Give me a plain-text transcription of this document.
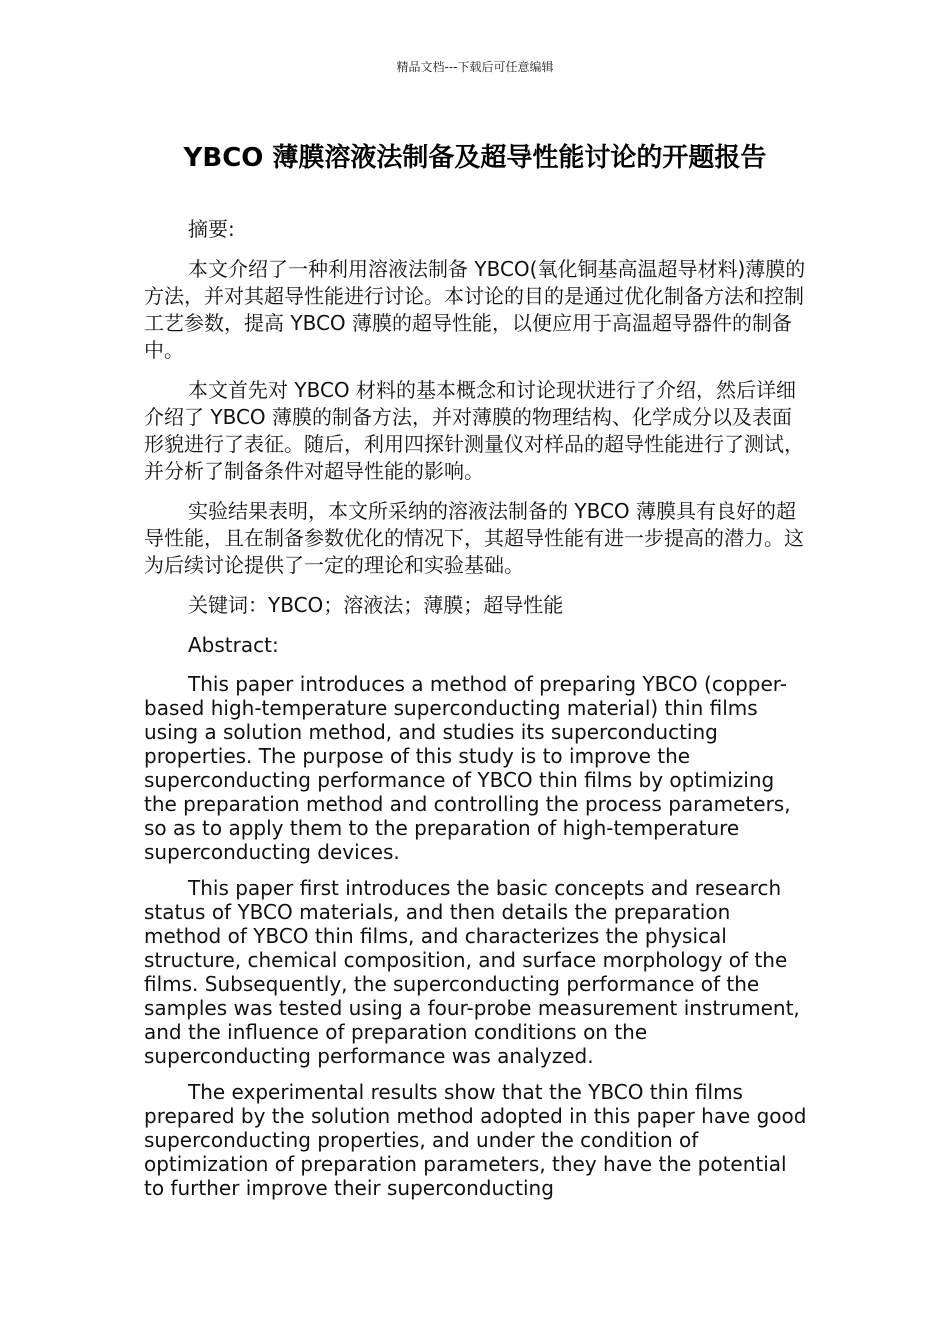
精品文档---下载后可任意编辑
YBCO 薄膜溶液法制备及超导性能讨论的开题报告

摘要:

本文介绍了一种利用溶液法制备 YBCO(氧化铜基高温超导材料)薄膜的方法，并对其超导性能进行讨论。本讨论的目的是通过优化制备方法和控制工艺参数，提高 YBCO 薄膜的超导性能，以便应用于高温超导器件的制备中。

本文首先对 YBCO 材料的基本概念和讨论现状进行了介绍，然后详细介绍了 YBCO 薄膜的制备方法，并对薄膜的物理结构、化学成分以及表面形貌进行了表征。随后，利用四探针测量仪对样品的超导性能进行了测试，并分析了制备条件对超导性能的影响。

实验结果表明，本文所采纳的溶液法制备的 YBCO 薄膜具有良好的超导性能，且在制备参数优化的情况下，其超导性能有进一步提高的潜力。这为后续讨论提供了一定的理论和实验基础。

关键词：YBCO；溶液法；薄膜；超导性能

Abstract:

This paper introduces a method of preparing YBCO (copper-based high-temperature superconducting material) thin films using a solution method, and studies its superconducting properties. The purpose of this study is to improve the superconducting performance of YBCO thin films by optimizing the preparation method and controlling the process parameters, so as to apply them to the preparation of high-temperature superconducting devices.

This paper first introduces the basic concepts and research status of YBCO materials, and then details the preparation method of YBCO thin films, and characterizes the physical structure, chemical composition, and surface morphology of the films. Subsequently, the superconducting performance of the samples was tested using a four-probe measurement instrument, and the influence of preparation conditions on the superconducting performance was analyzed.

The experimental results show that the YBCO thin films prepared by the solution method adopted in this paper have good superconducting properties, and under the condition of optimization of preparation parameters, they have the potential to further improve their superconducting
